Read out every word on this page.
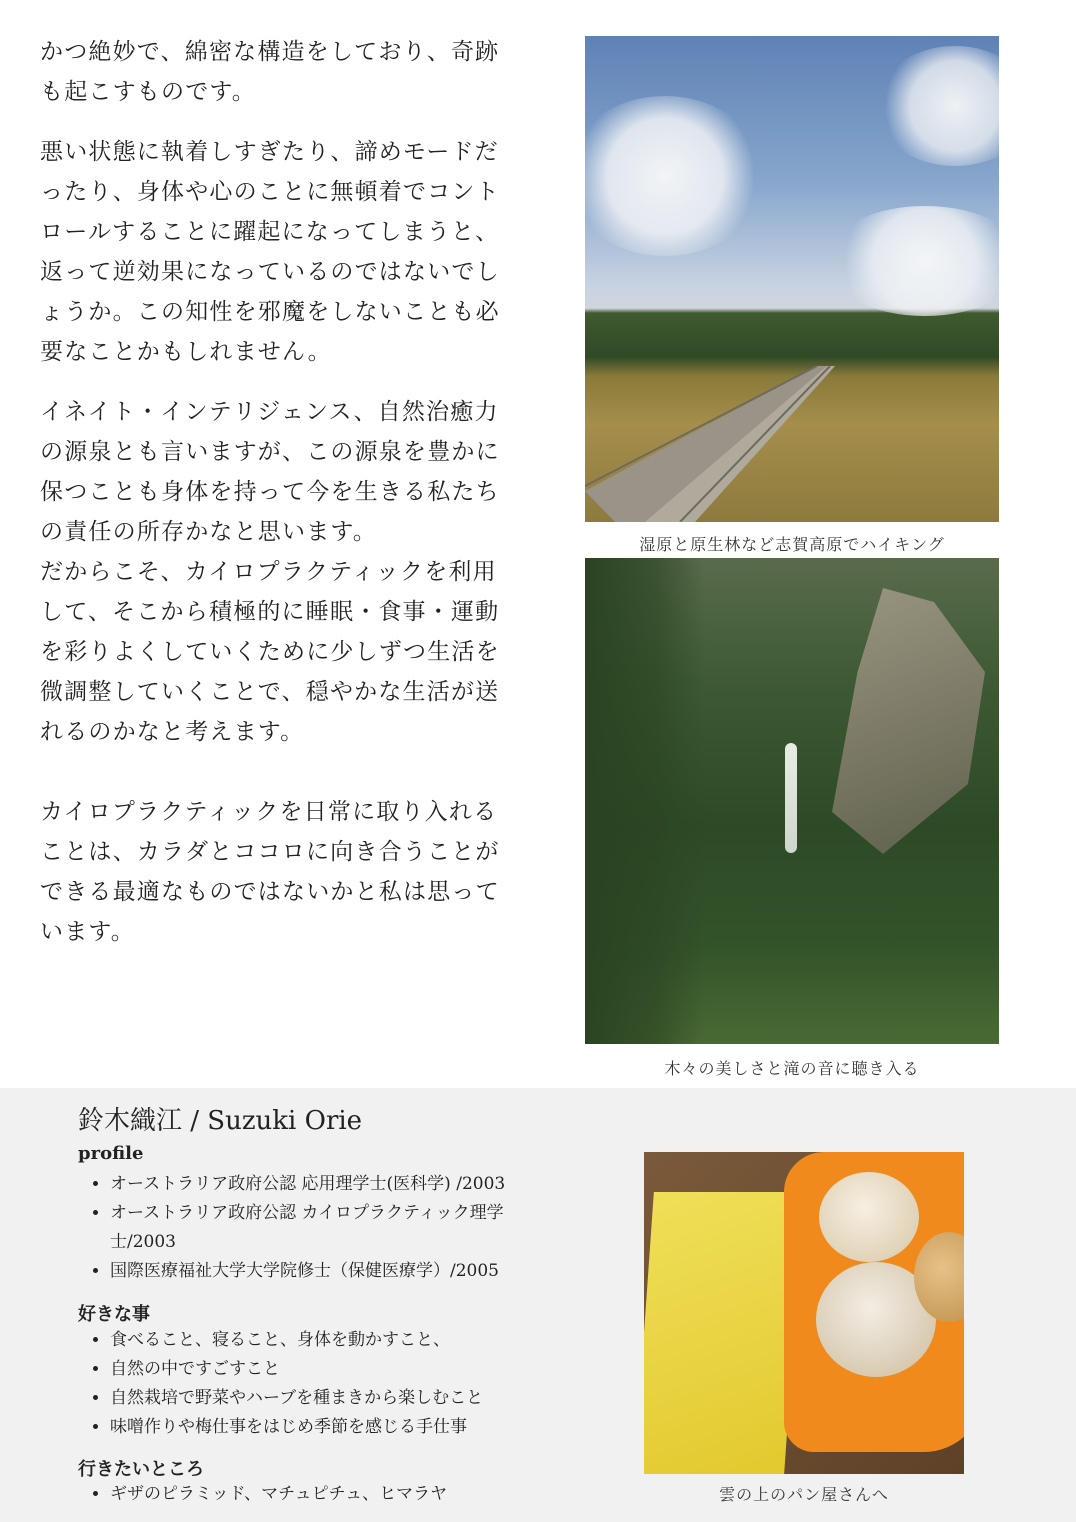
かつ絶妙で、綿密な構造をしており、奇跡も起こすものです。

悪い状態に執着しすぎたり、諦めモードだったり、身体や心のことに無頓着でコントロールすることに躍起になってしまうと、返って逆効果になっているのではないでしょうか。この知性を邪魔をしないことも必要なことかもしれません。

イネイト・インテリジェンス、自然治癒力の源泉とも言いますが、この源泉を豊かに保つことも身体を持って今を生きる私たちの責任の所存かなと思います。

だからこそ、カイロプラクティックを利用して、そこから積極的に睡眠・食事・運動を彩りよくしていくために少しずつ生活を微調整していくことで、穏やかな生活が送れるのかなと考えます。

カイロプラクティックを日常に取り入れることは、カラダとココロに向き合うことができる最適なものではないかと私は思っています。

湿原と原生林など志賀高原でハイキング
木々の美しさと滝の音に聴き入る
鈴木織江 / Suzuki Orie
profile
• オーストラリア政府公認 応用理学士(医科学) /2003
• オーストラリア政府公認 カイロプラクティック理学士/2003
• 国際医療福祉大学大学院修士（保健医療学）/2005
好きな事
• 食べること、寝ること、身体を動かすこと、
• 自然の中ですごすこと
• 自然栽培で野菜やハーブを種まきから楽しむこと
• 味噌作りや梅仕事をはじめ季節を感じる手仕事
行きたいところ
• ギザのピラミッド、マチュピチュ、ヒマラヤ	雲の上のパン屋さんへ
